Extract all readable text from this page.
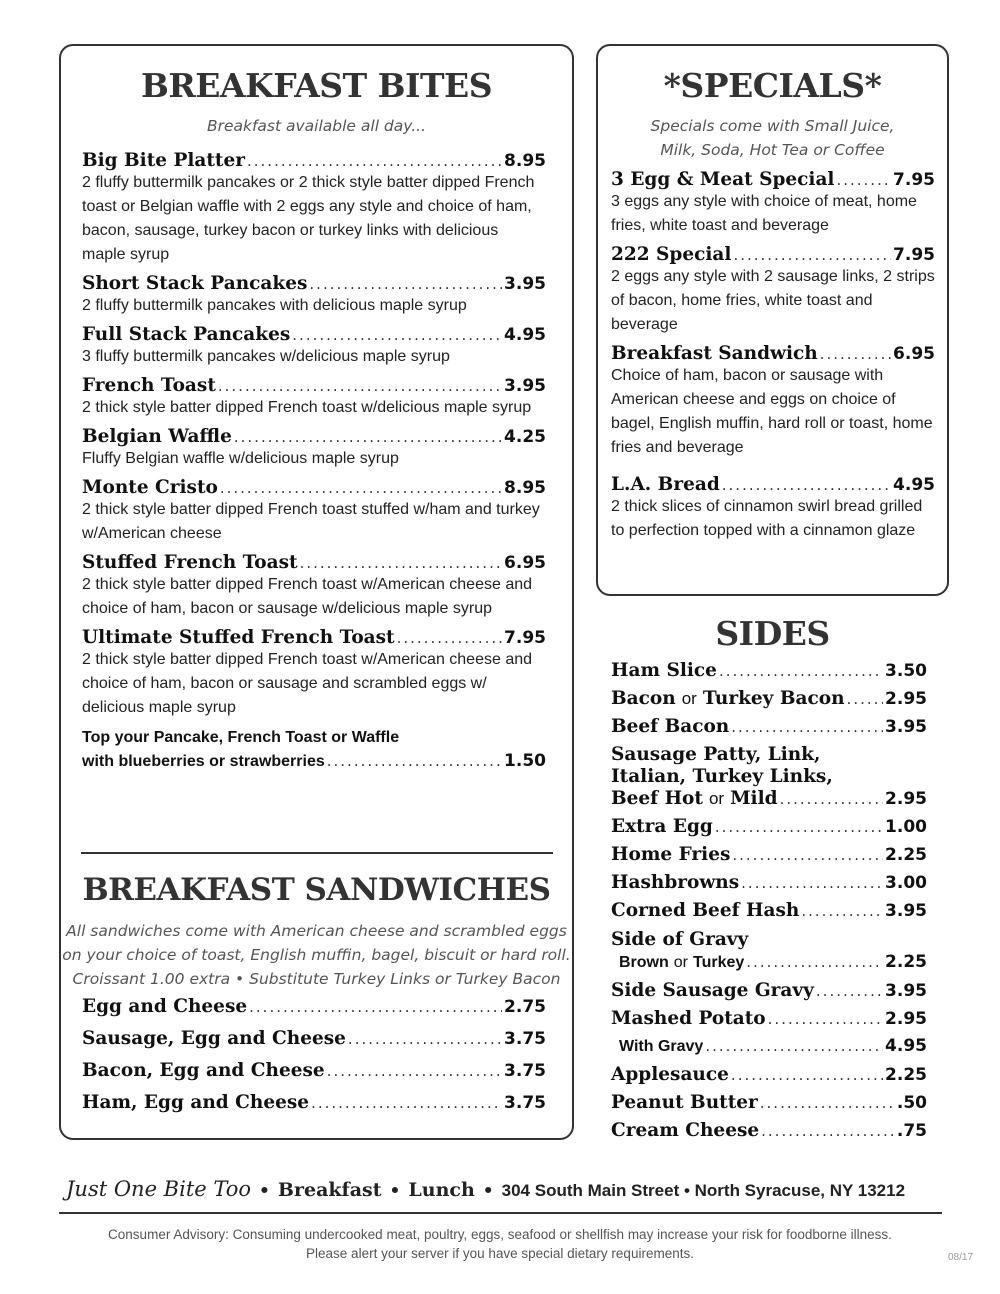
BREAKFAST BITES
Breakfast available all day...
Big Bite Platter .....	8.95
2 fluffy buttermilk pancakes or 2 thick style batter dipped French toast or Belgian waffle with 2 eggs any style and choice of ham, bacon, sausage, turkey bacon or turkey links with delicious maple syrup
Short Stack Pancakes .....	3.95
2 fluffy buttermilk pancakes with delicious maple syrup
Full Stack Pancakes .....	4.95
3 fluffy buttermilk pancakes w/delicious maple syrup
French Toast .....	3.95
2 thick style batter dipped French toast w/delicious maple syrup
Belgian Waffle .....	4.25
Fluffy Belgian waffle w/delicious maple syrup
Monte Cristo .....	8.95
2 thick style batter dipped French toast stuffed w/ham and turkey w/American cheese
Stuffed French Toast .....	6.95
2 thick style batter dipped French toast w/American cheese and choice of ham, bacon or sausage w/delicious maple syrup
Ultimate Stuffed French Toast .....	7.95
2 thick style batter dipped French toast w/American cheese and choice of ham, bacon or sausage and scrambled eggs w/ delicious maple syrup
Top your Pancake, French Toast or Waffle
with blueberries or strawberries .....	1.50
BREAKFAST SANDWICHES
All sandwiches come with American cheese and scrambled eggs
on your choice of toast, English muffin, bagel, biscuit or hard roll.
Croissant 1.00 extra • Substitute Turkey Links or Turkey Bacon
Egg and Cheese .....	2.75
Sausage, Egg and Cheese .....	3.75
Bacon, Egg and Cheese .....	3.75
Ham, Egg and Cheese .....	3.75
*SPECIALS*
Specials come with Small Juice,
Milk, Soda, Hot Tea or Coffee
3 Egg & Meat Special .....	7.95
3 eggs any style with choice of meat, home fries, white toast and beverage
222 Special .....	7.95
2 eggs any style with 2 sausage links, 2 strips of bacon, home fries, white toast and beverage
Breakfast Sandwich .....	6.95
Choice of ham, bacon or sausage with American cheese and eggs on choice of bagel, English muffin, hard roll or toast, home fries and beverage
L.A. Bread .....	4.95
2 thick slices of cinnamon swirl bread grilled to perfection topped with a cinnamon glaze
SIDES
Ham Slice .....	3.50
Bacon or Turkey Bacon ..... 2.95
Beef Bacon .....	3.95
Sausage Patty, Link,
Italian, Turkey Links,
Beef Hot or Mild .....	2.95
Extra Egg .....	1.00
Home Fries .....	2.25
Hashbrowns .....	3.00
Corned Beef Hash .....	3.95
Side of Gravy
Brown or Turkey .....	2.25
Side Sausage Gravy .....	3.95
Mashed Potato .....	2.95
With Gravy .....	4.95
Applesauce .....	2.25
Peanut Butter .....	.50
Cream Cheese .....	.75
Just One Bite Too • Breakfast • Lunch • 304 South Main Street • North Syracuse, NY 13212
Consumer Advisory: Consuming undercooked meat, poultry, eggs, seafood or shellfish may increase your risk for foodborne illness.
Please alert your server if you have special dietary requirements.	08/17
